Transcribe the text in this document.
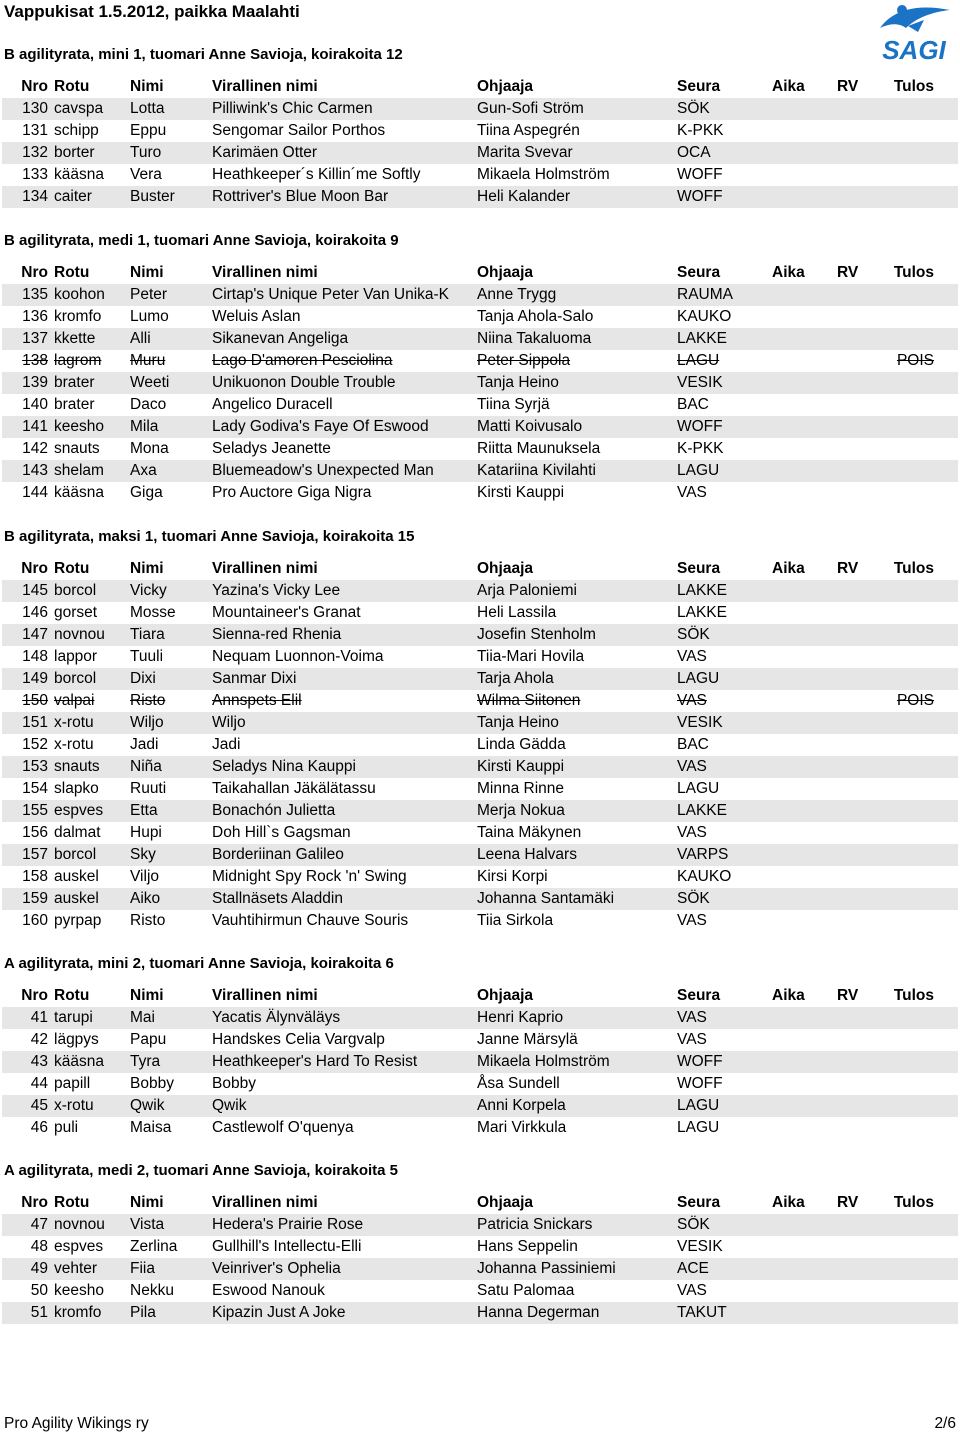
Vappukisat 1.5.2012, paikka Maalahti
SAGI
B agilityrata, mini 1, tuomari Anne Savioja, koirakoita 12
Nro	Rotu	Nimi	Virallinen nimi	Ohjaaja	Seura	Aika	RV	Tulos
130	cavspa	Lotta	Pilliwink's Chic Carmen	Gun-Sofi Ström	SÖK			
131	schipp	Eppu	Sengomar Sailor Porthos	Tiina Aspegrén	K-PKK			
132	borter	Turo	Karimäen Otter	Marita Svevar	OCA			
133	kääsna	Vera	Heathkeeper´s Killin´me Softly	Mikaela Holmström	WOFF			
134	caiter	Buster	Rottriver's Blue Moon Bar	Heli Kalander	WOFF			
B agilityrata, medi 1, tuomari Anne Savioja, koirakoita 9
Nro	Rotu	Nimi	Virallinen nimi	Ohjaaja	Seura	Aika	RV	Tulos
135	koohon	Peter	Cirtap's Unique Peter Van Unika-K	Anne Trygg	RAUMA			
136	kromfo	Lumo	Weluis Aslan	Tanja Ahola-Salo	KAUKO			
137	kkette	Alli	Sikanevan Angeliga	Niina Takaluoma	LAKKE			
138	lagrom	Muru	Lago D'amoren Pesciolina	Peter Sippola	LAGU			POIS
139	brater	Weeti	Unikuonon Double Trouble	Tanja Heino	VESIK			
140	brater	Daco	Angelico Duracell	Tiina Syrjä	BAC			
141	keesho	Mila	Lady Godiva's Faye Of Eswood	Matti Koivusalo	WOFF			
142	snauts	Mona	Seladys Jeanette	Riitta Maunuksela	K-PKK			
143	shelam	Axa	Bluemeadow's Unexpected Man	Katariina Kivilahti	LAGU			
144	kääsna	Giga	Pro Auctore Giga Nigra	Kirsti Kauppi	VAS			
B agilityrata, maksi 1, tuomari Anne Savioja, koirakoita 15
Nro	Rotu	Nimi	Virallinen nimi	Ohjaaja	Seura	Aika	RV	Tulos
145	borcol	Vicky	Yazina's Vicky Lee	Arja Paloniemi	LAKKE			
146	gorset	Mosse	Mountaineer's Granat	Heli Lassila	LAKKE			
147	novnou	Tiara	Sienna-red Rhenia	Josefin Stenholm	SÖK			
148	lappor	Tuuli	Nequam Luonnon-Voima	Tiia-Mari Hovila	VAS			
149	borcol	Dixi	Sanmar Dixi	Tarja Ahola	LAGU			
150	valpai	Risto	Annspets Elil	Wilma Siitonen	VAS			POIS
151	x-rotu	Wiljo	Wiljo	Tanja Heino	VESIK			
152	x-rotu	Jadi	Jadi	Linda Gädda	BAC			
153	snauts	Niña	Seladys Nina Kauppi	Kirsti Kauppi	VAS			
154	slapko	Ruuti	Taikahallan Jäkälätassu	Minna Rinne	LAGU			
155	espves	Etta	Bonachón Julietta	Merja Nokua	LAKKE			
156	dalmat	Hupi	Doh Hill`s Gagsman	Taina Mäkynen	VAS			
157	borcol	Sky	Borderiinan Galileo	Leena Halvars	VARPS			
158	auskel	Viljo	Midnight Spy Rock 'n' Swing	Kirsi Korpi	KAUKO			
159	auskel	Aiko	Stallnäsets Aladdin	Johanna Santamäki	SÖK			
160	pyrpap	Risto	Vauhtihirmun Chauve Souris	Tiia Sirkola	VAS			
A agilityrata, mini 2, tuomari Anne Savioja, koirakoita 6
Nro	Rotu	Nimi	Virallinen nimi	Ohjaaja	Seura	Aika	RV	Tulos
41	tarupi	Mai	Yacatis Älynväläys	Henri Kaprio	VAS			
42	lägpys	Papu	Handskes Celia Vargvalp	Janne Märsylä	VAS			
43	kääsna	Tyra	Heathkeeper's Hard To Resist	Mikaela Holmström	WOFF			
44	papill	Bobby	Bobby	Åsa Sundell	WOFF			
45	x-rotu	Qwik	Qwik	Anni Korpela	LAGU			
46	puli	Maisa	Castlewolf O'quenya	Mari Virkkula	LAGU			
A agilityrata, medi 2, tuomari Anne Savioja, koirakoita 5
Nro	Rotu	Nimi	Virallinen nimi	Ohjaaja	Seura	Aika	RV	Tulos
47	novnou	Vista	Hedera's Prairie Rose	Patricia Snickars	SÖK			
48	espves	Zerlina	Gullhill's Intellectu-Elli	Hans Seppelin	VESIK			
49	vehter	Fiia	Veinriver's Ophelia	Johanna Passiniemi	ACE			
50	keesho	Nekku	Eswood Nanouk	Satu Palomaa	VAS			
51	kromfo	Pila	Kipazin Just A Joke	Hanna Degerman	TAKUT			
Pro Agility Wikings ry	2/6
